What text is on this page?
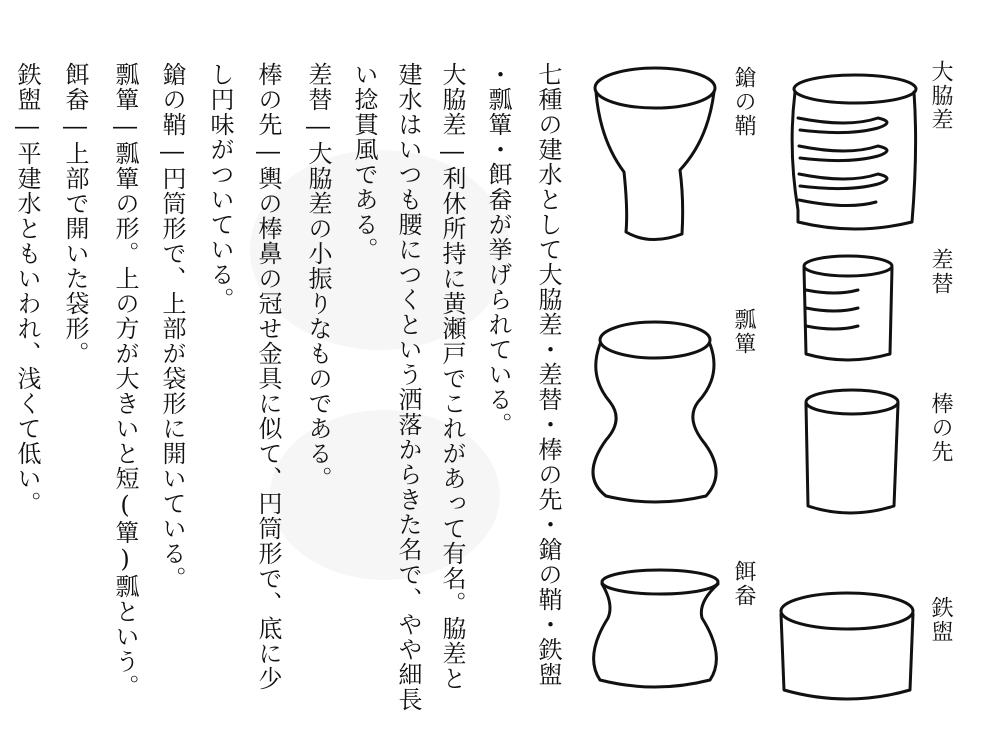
七種の建水として大脇差・差替・棒の先・鎗の鞘・鉄盥
・瓢簞・餌畚が挙げられている。
大脇差―利休所持に黄瀬戸でこれがあって有名。脇差と
建水はいつも腰につくという洒落からきた名で、やや細長
い捻貫風である。
差替―大脇差の小振りなものである。
棒の先―輿の棒鼻の冠せ金具に似て、円筒形で、底に少
し円味がついている。
鎗の鞘―円筒形で、上部が袋形に開いている。
瓢簞―瓢簞の形。上の方が大きいと短(簞)瓢という。
餌畚―上部で開いた袋形。
鉄盥―平建水ともいわれ、浅くて低い。	大脇差
鎗の鞘
差替
瓢簞
棒の先
餌畚
鉄盥
